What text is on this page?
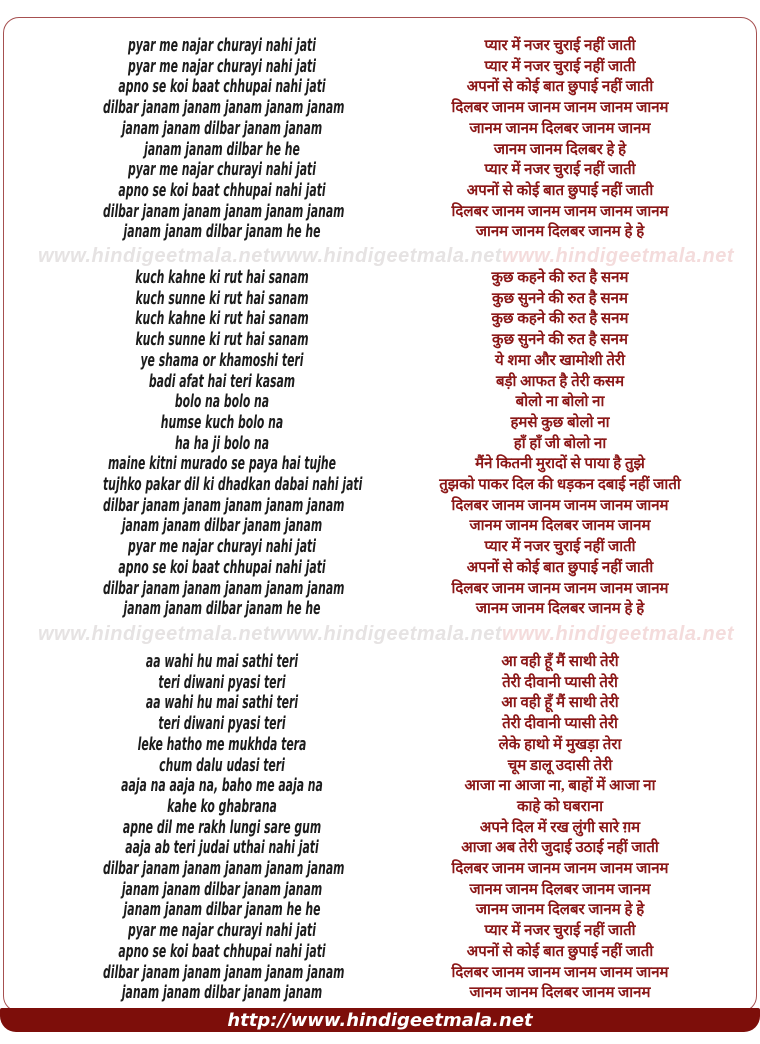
www.hindigeetmala.net www.hindigeetmala.net www.hindigeetmala.net
www.hindigeetmala.net www.hindigeetmala.net www.hindigeetmala.net
pyar me najar churayi nahi jati
pyar me najar churayi nahi jati
apno se koi baat chhupai nahi jati
dilbar janam janam janam janam janam
janam janam dilbar janam janam
janam janam dilbar he he
pyar me najar churayi nahi jati
apno se koi baat chhupai nahi jati
dilbar janam janam janam janam janam
janam janam dilbar janam he he
प्यार में नजर चुराई नहीं जाती
प्यार में नजर चुराई नहीं जाती
अपनों से कोई बात छुपाई नहीं जाती
दिलबर जानम जानम जानम जानम जानम
जानम जानम दिलबर जानम जानम
जानम जानम दिलबर हे हे
प्यार में नजर चुराई नहीं जाती
अपनों से कोई बात छुपाई नहीं जाती
दिलबर जानम जानम जानम जानम जानम
जानम जानम दिलबर जानम हे हे
kuch kahne ki rut hai sanam
kuch sunne ki rut hai sanam
kuch kahne ki rut hai sanam
kuch sunne ki rut hai sanam
ye shama or khamoshi teri
badi afat hai teri kasam
bolo na bolo na
humse kuch bolo na
ha ha ji bolo na
maine kitni murado se paya hai tujhe
tujhko pakar dil ki dhadkan dabai nahi jati
dilbar janam janam janam janam janam
janam janam dilbar janam janam
pyar me najar churayi nahi jati
apno se koi baat chhupai nahi jati
dilbar janam janam janam janam janam
janam janam dilbar janam he he
कुछ कहने की रुत है सनम
कुछ सुनने की रुत है सनम
कुछ कहने की रुत है सनम
कुछ सुनने की रुत है सनम
ये शमा और खामोशी तेरी
बड़ी आफत है तेरी कसम
बोलो ना बोलो ना
हमसे कुछ बोलो ना
हाँ हाँ जी बोलो ना
मैंने कितनी मुरादों से पाया है तुझे
तुझको पाकर दिल की धड़कन दबाई नहीं जाती
दिलबर जानम जानम जानम जानम जानम
जानम जानम दिलबर जानम जानम
प्यार में नजर चुराई नहीं जाती
अपनों से कोई बात छुपाई नहीं जाती
दिलबर जानम जानम जानम जानम जानम
जानम जानम दिलबर जानम हे हे
aa wahi hu mai sathi teri
teri diwani pyasi teri
aa wahi hu mai sathi teri
teri diwani pyasi teri
leke hatho me mukhda tera
chum dalu udasi teri
aaja na aaja na, baho me aaja na
kahe ko ghabrana
apne dil me rakh lungi sare gum
aaja ab teri judai uthai nahi jati
dilbar janam janam janam janam janam
janam janam dilbar janam janam
janam janam dilbar janam he he
pyar me najar churayi nahi jati
apno se koi baat chhupai nahi jati
dilbar janam janam janam janam janam
janam janam dilbar janam janam
आ वही हूँ मैं साथी तेरी
तेरी दीवानी प्यासी तेरी
आ वही हूँ मैं साथी तेरी
तेरी दीवानी प्यासी तेरी
लेके हाथो में मुखड़ा तेरा
चूम डालू उदासी तेरी
आजा ना आजा ना, बाहों में आजा ना
काहे को घबराना
अपने दिल में रख लुंगी सारे ग़म
आजा अब तेरी जुदाई उठाई नहीं जाती
दिलबर जानम जानम जानम जानम जानम
जानम जानम दिलबर जानम जानम
जानम जानम दिलबर जानम हे हे
प्यार में नजर चुराई नहीं जाती
अपनों से कोई बात छुपाई नहीं जाती
दिलबर जानम जानम जानम जानम जानम
जानम जानम दिलबर जानम जानम
http://www.hindigeetmala.net
